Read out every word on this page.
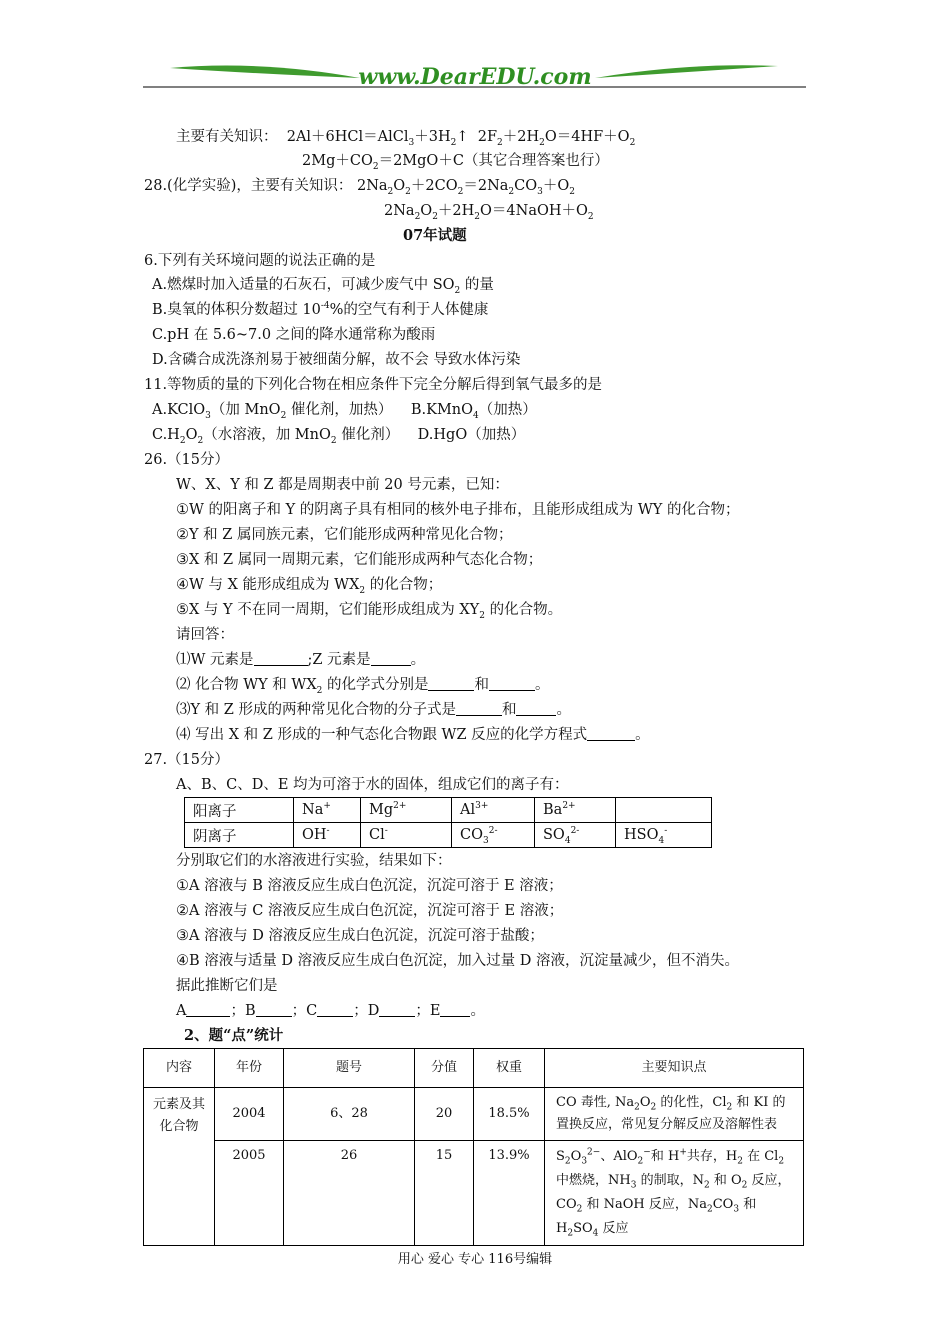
www.DearEDU.com
主要有关知识： $2Al+6HCl=AlCl_3+3H_2↑$ $2F_2+2H_2O=4HF+O_2$
$2Mg+CO_2=2MgO+C$（其它合理答案也行）
28.(化学实验)，主要有关知识： $2Na_2O_2+2CO_2=2Na_2CO_3+O_2$
$2Na_2O_2+2H_2O=4NaOH+O_2$
07年试题
6.下列有关环境问题的说法正确的是
A.燃煤时加入适量的石灰石，可减少废气中 $SO_2$ 的量
B.臭氧的体积分数超过 $10^{-4}\%$的空气有利于人体健康
C.pH 在 5.6~7.0 之间的降水通常称为酸雨
D.含磷合成洗涤剂易于被细菌分解，故不会 导致水体污染
11.等物质的量的下列化合物在相应条件下完全分解后得到氧气最多的是
A.KClO$_3$（加 MnO$_2$ 催化剂，加热） B.KMnO$_4$（加热）
$C.H_2O_2$（水溶液，加 MnO$_2$ 催化剂） D.HgO（加热）
26.（15分）
W、X、Y 和 Z 都是周期表中前 20 号元素，已知：
①W 的阳离子和 Y 的阴离子具有相同的核外电子排布，且能形成组成为 WY 的化合物；
②Y 和 Z 属同族元素，它们能形成两种常见化合物；
③X 和 Z 属同一周期元素，它们能形成两种气态化合物；
④W 与 X 能形成组成为 $WX_2$ 的化合物；
⑤X 与 Y 不在同一周期，它们能形成组成为 $XY_2$ 的化合物。
请回答：
⑴W 元素是	;Z 元素是	。
⑵ 化合物 WY 和 $WX_2$ 的化学式分别是	和	。
⑶Y 和 Z 形成的两种常见化合物的分子式是	和	。
⑷ 写出 X 和 Z 形成的一种气态化合物跟 WZ 反应的化学方程式	。
27.（15分）
A、B、C、D、E 均为可溶于水的固体，组成它们的离子有：
阳离子	Na+	$Mg^{2+}$	$Al^{3+}$	$Ba^{2+}$	
阴离子	OH-	Cl-	$CO_3^{2-}$	$SO_4^{2-}$	$HSO_4^-$
分别取它们的水溶液进行实验，结果如下：
①A 溶液与 B 溶液反应生成白色沉淀，沉淀可溶于 E 溶液；
②A 溶液与 C 溶液反应生成白色沉淀，沉淀可溶于 E 溶液；
③A 溶液与 D 溶液反应生成白色沉淀，沉淀可溶于盐酸；
④B 溶液与适量 D 溶液反应生成白色沉淀，加入过量 D 溶液，沉淀量减少，但不消失。
据此推断它们是
A	；B ；C ；D ；E 。
2、题“点”统计
内容	年份	题号	分值	权重	主要知识点

元素及其化合物	2004	6、28	20	18.5%	CO 毒性, $Na_2O_2$ 的化性，$Cl_2$ 和 KI 的置换反应，常见复分解反应及溶解性表

	2005	26	15	13.9%	$S_2O_3^{2-}$、AlO$_2$−和 H+共存，$H_2$ 在 $Cl_2$ 中燃烧，$NH_3$ 的制取，$N_2$ 和 $O_2$ 反应，$CO_2$ 和 NaOH 反应，$Na_2CO_3$ 和 $H_2SO_4$ 反应
用心 爱心 专心 116号编辑
